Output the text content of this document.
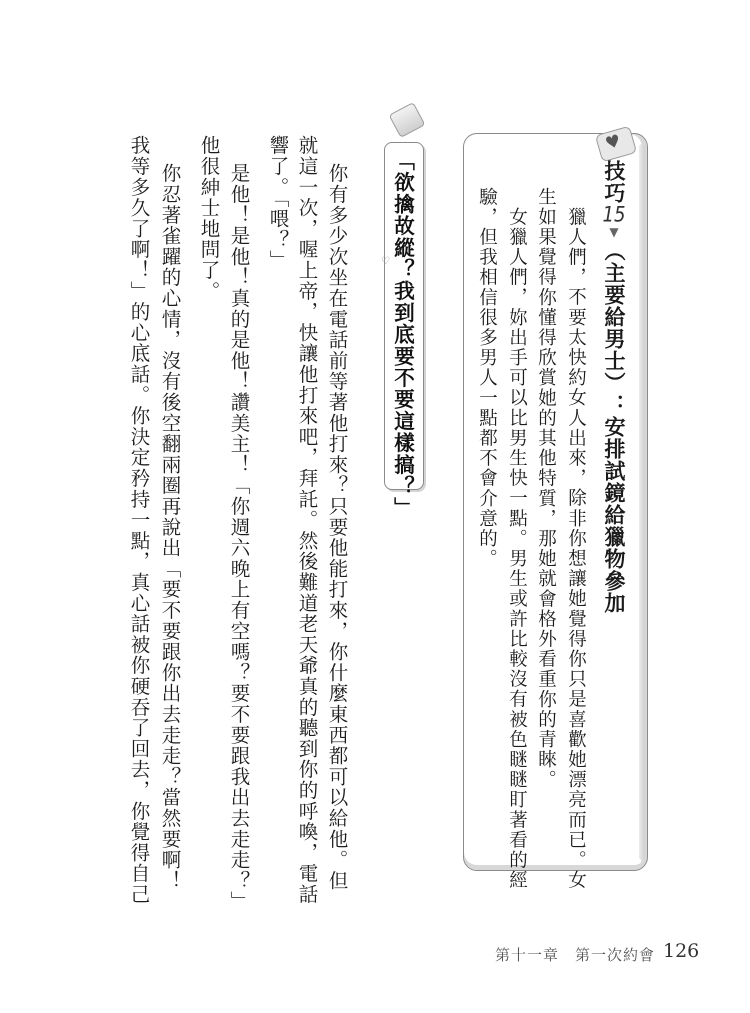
♥
技巧15▼（主要給男士）：安排試鏡給獵物參加
獵人們，不要太快約女人出來，除非你想讓她覺得你只是喜歡她漂亮而已。女
生如果覺得你懂得欣賞她的其他特質，那她就會格外看重你的青睞。
女獵人們，妳出手可以比男生快一點。男生或許比較沒有被色瞇瞇盯著看的經
驗，但我相信很多男人一點都不會介意的。
♡ 「欲擒故縱？我到底要不要這樣搞？」
你有多少次坐在電話前等著他打來？只要他能打來，你什麼東西都可以給他。但
就這一次，喔上帝，快讓他打來吧，拜託。然後難道老天爺真的聽到你的呼喚，電話
響了。「喂？」
是他！是他！真的是他！讚美主！「你週六晚上有空嗎？要不要跟我出去走走？」
他很紳士地問了。
你忍著雀躍的心情，沒有後空翻兩圈再說出「要不要跟你出去走走？當然要啊！
我等多久了啊！」的心底話。你決定矜持一點，真心話被你硬吞了回去，你覺得自己
第十一章　第一次約會 126
